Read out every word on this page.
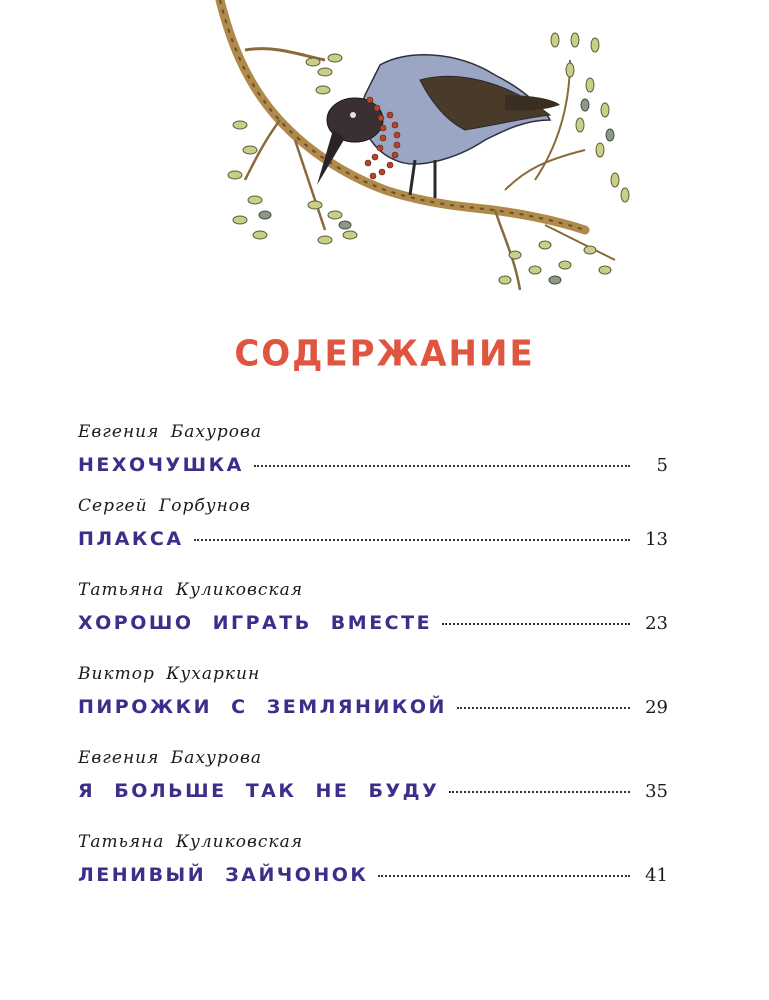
СОДЕРЖАНИЕ
Евгения Бахурова
НЕХОЧУШКА	5
Сергей Горбунов
ПЛАКСА	13
Татьяна Куликовская
ХОРОШО ИГРАТЬ ВМЕСТЕ	23
Виктор Кухаркин
ПИРОЖКИ С ЗЕМЛЯНИКОЙ	29
Евгения Бахурова
Я БОЛЬШЕ ТАК НЕ БУДУ	35
Татьяна Куликовская
ЛЕНИВЫЙ ЗАЙЧОНОК	41
